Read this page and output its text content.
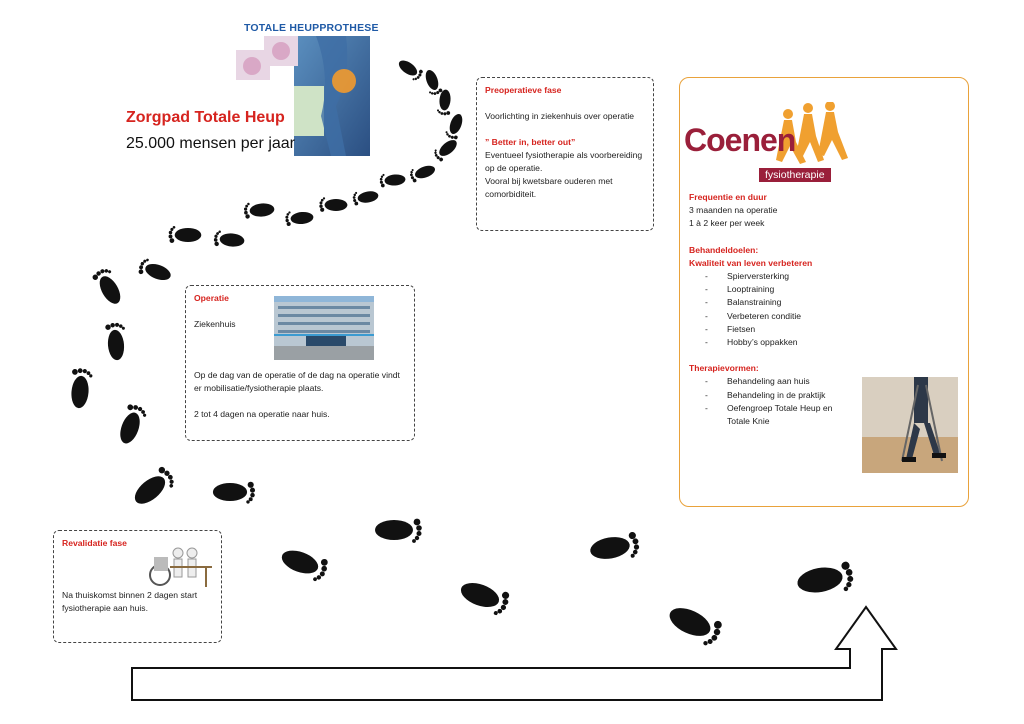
TOTALE HEUPPROTHESE
Zorgpad Totale Heup
25.000 mensen per jaar

Preoperatieve fase

Voorlichting in ziekenhuis over operatie

” Better in, better out”

Eventueel fysiotherapie als voorbereiding op de operatie.

Vooral bij kwetsbare ouderen met comorbiditeit.

Operatie

Ziekenhuis

Op de dag van de operatie of de dag na operatie vindt er mobilisatie/fysiotherapie plaats.

2 tot 4 dagen na operatie naar huis.

Revalidatie fase

Na thuiskomst binnen 2 dagen start fysiotherapie aan huis.

Coenen
fysiotherapie
Frequentie en duur
3 maanden na operatie
1 à 2 keer per week
Behandeldoelen:
Kwaliteit van leven verbeteren
- Spierversterking
- Looptraining
- Balanstraining
- Verbeteren conditie
- Fietsen
- Hobby’s oppakken
Therapievormen:
- Behandeling aan huis
- Behandeling in de praktijk
- Oefengroep Totale Heup en Totale Knie
